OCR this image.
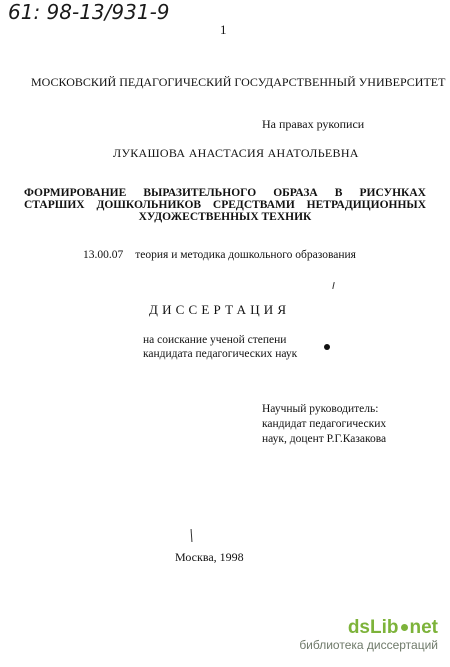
61: 98-13/931-9
1
МОСКОВСКИЙ ПЕДАГОГИЧЕСКИЙ ГОСУДАРСТВЕННЫЙ УНИВЕРСИТЕТ
На правах рукописи
ЛУКАШОВА АНАСТАСИЯ АНАТОЛЬЕВНА
ФОРМИРОВАНИЕ ВЫРАЗИТЕЛЬНОГО ОБРАЗА В РИСУНКАХ
СТАРШИХ ДОШКОЛЬНИКОВ СРЕДСТВАМИ НЕТРАДИЦИОННЫХ
ХУДОЖЕСТВЕННЫХ ТЕХНИК
13.00.07 теория и методика дошкольного образования
ДИССЕРТАЦИЯ
на соискание ученой степени
кандидата педагогических наук
Научный руководитель:
кандидат педагогических
наук, доцент Р.Г.Казакова
Москва, 1998
dsLib net
библиотека диссертаций
